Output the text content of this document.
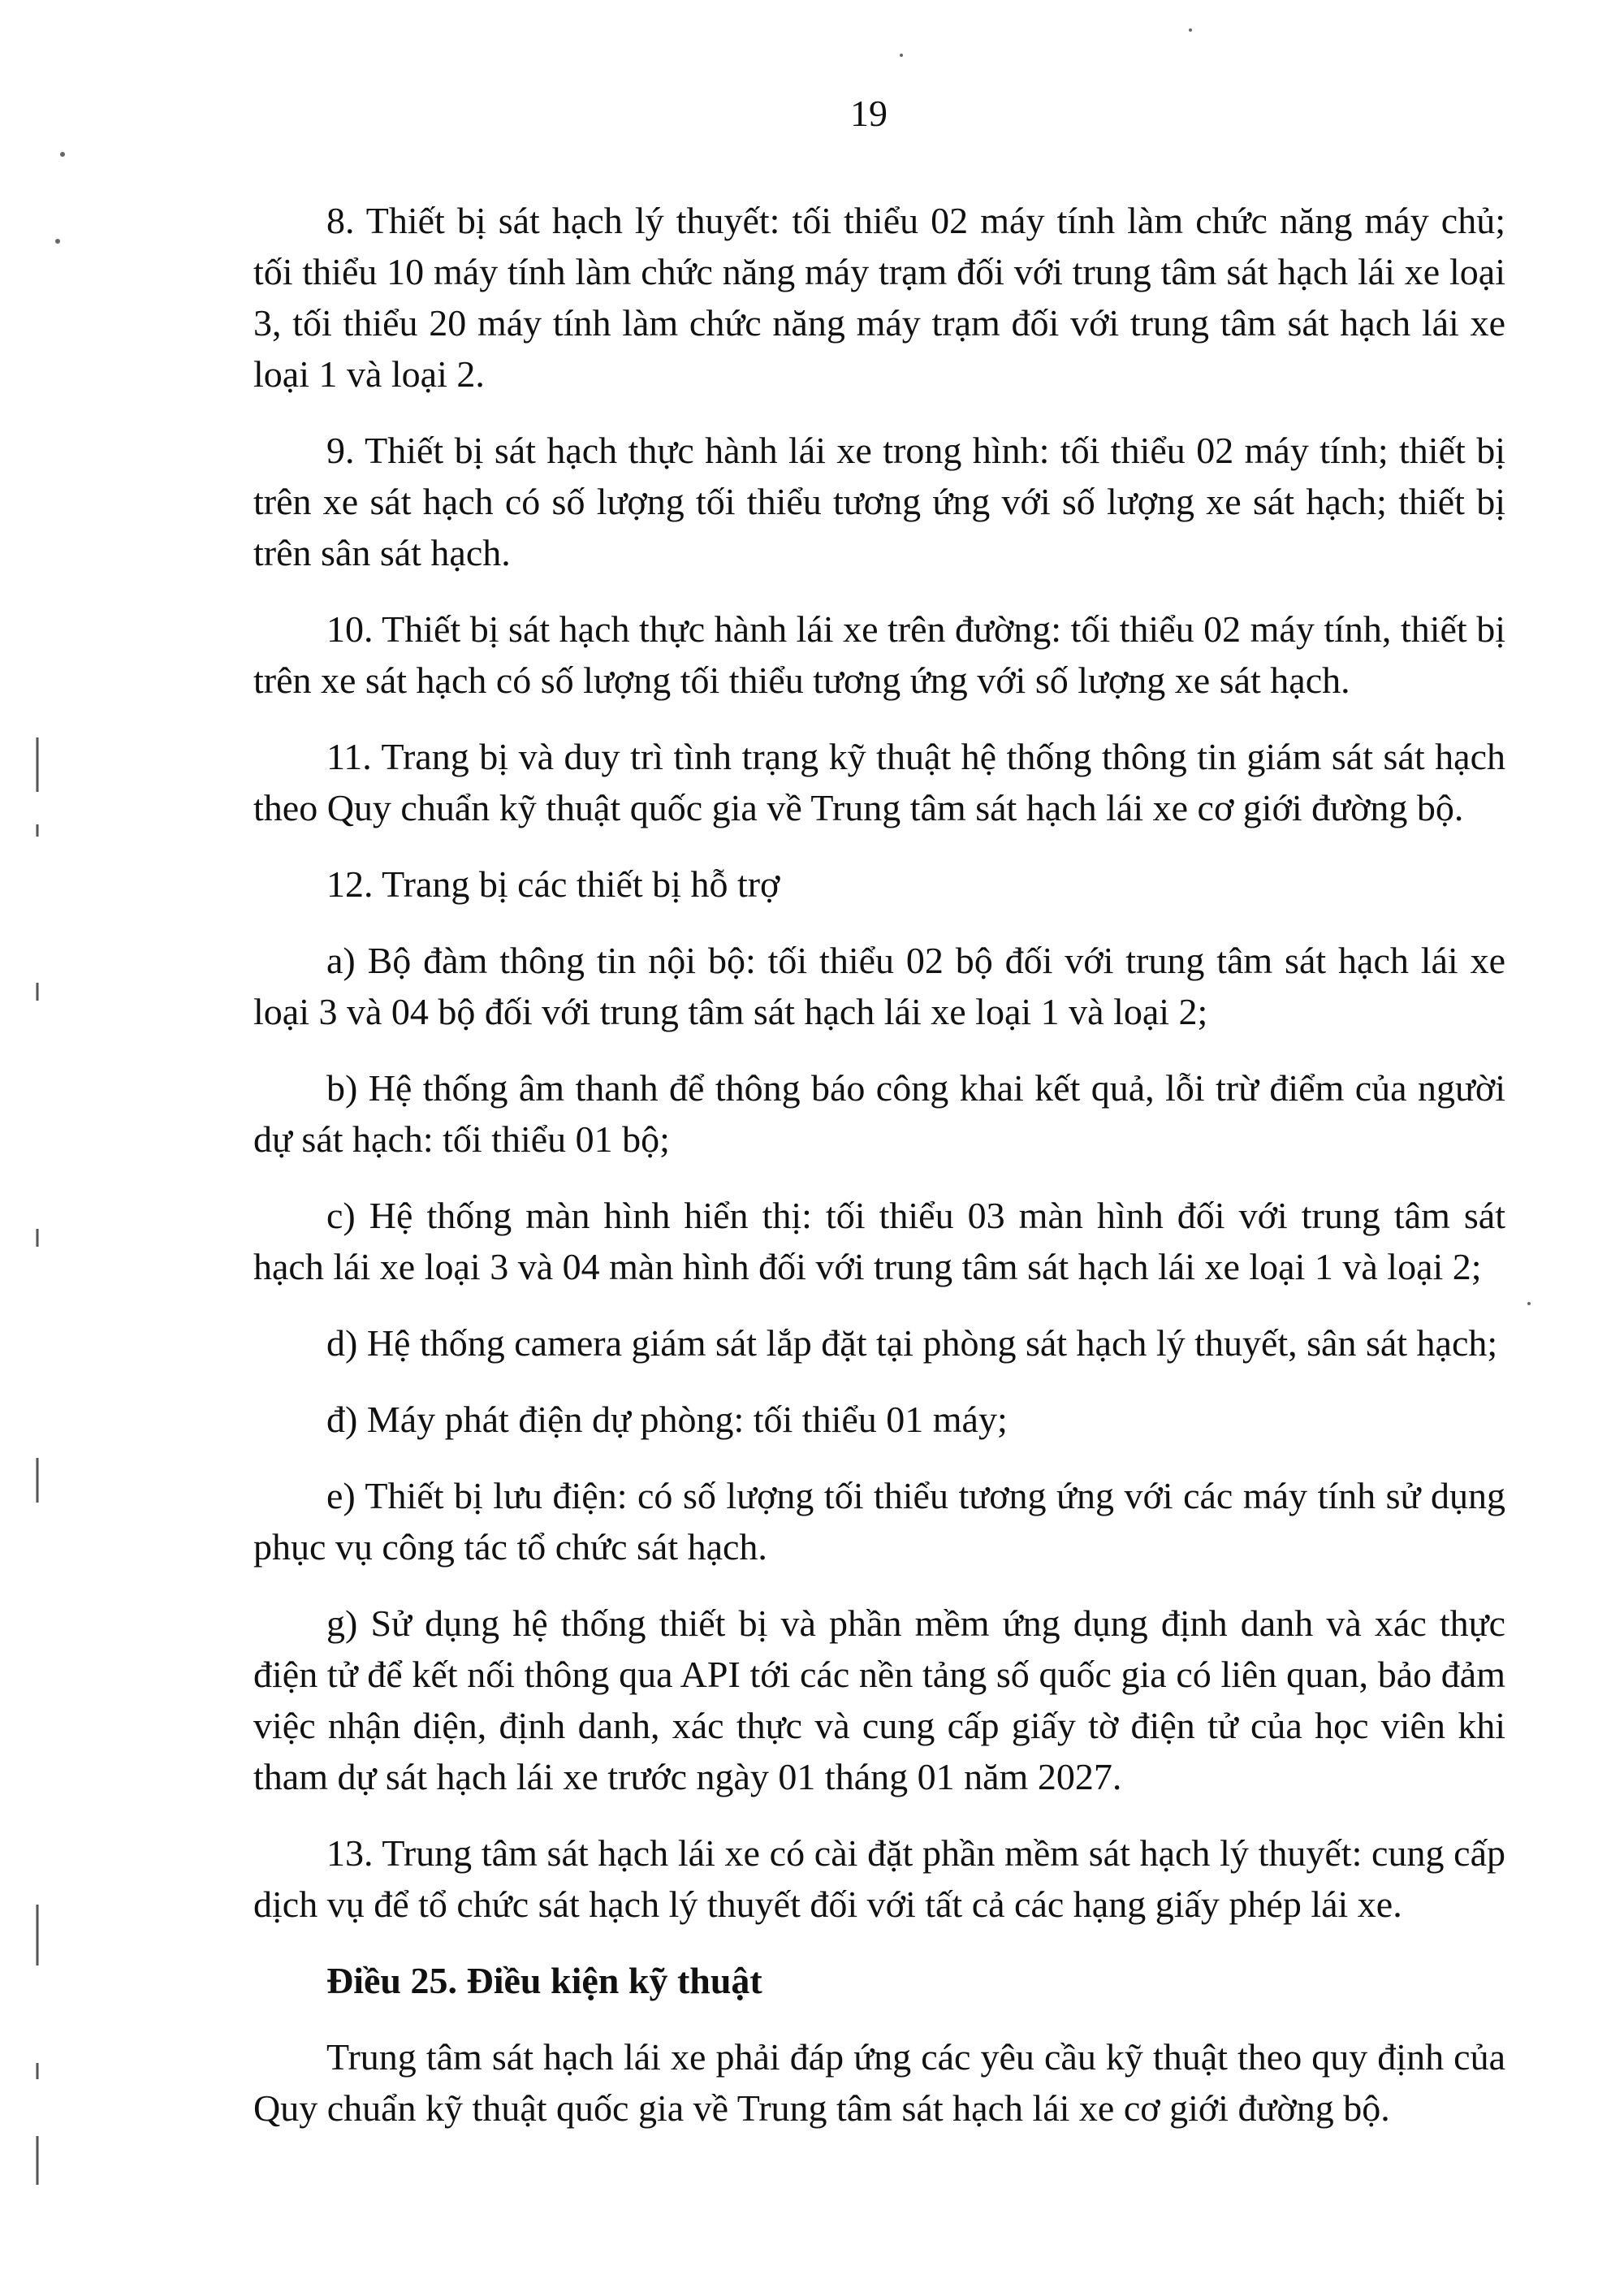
19

8. Thiết bị sát hạch lý thuyết: tối thiểu 02 máy tính làm chức năng máy chủ; tối thiểu 10 máy tính làm chức năng máy trạm đối với trung tâm sát hạch lái xe loại 3, tối thiểu 20 máy tính làm chức năng máy trạm đối với trung tâm sát hạch lái xe loại 1 và loại 2.

9. Thiết bị sát hạch thực hành lái xe trong hình: tối thiểu 02 máy tính; thiết bị trên xe sát hạch có số lượng tối thiểu tương ứng với số lượng xe sát hạch; thiết bị trên sân sát hạch.

10. Thiết bị sát hạch thực hành lái xe trên đường: tối thiểu 02 máy tính, thiết bị trên xe sát hạch có số lượng tối thiểu tương ứng với số lượng xe sát hạch.

11. Trang bị và duy trì tình trạng kỹ thuật hệ thống thông tin giám sát sát hạch theo Quy chuẩn kỹ thuật quốc gia về Trung tâm sát hạch lái xe cơ giới đường bộ.

12. Trang bị các thiết bị hỗ trợ

a) Bộ đàm thông tin nội bộ: tối thiểu 02 bộ đối với trung tâm sát hạch lái xe loại 3 và 04 bộ đối với trung tâm sát hạch lái xe loại 1 và loại 2;

b) Hệ thống âm thanh để thông báo công khai kết quả, lỗi trừ điểm của người dự sát hạch: tối thiểu 01 bộ;

c) Hệ thống màn hình hiển thị: tối thiểu 03 màn hình đối với trung tâm sát hạch lái xe loại 3 và 04 màn hình đối với trung tâm sát hạch lái xe loại 1 và loại 2;

d) Hệ thống camera giám sát lắp đặt tại phòng sát hạch lý thuyết, sân sát hạch;

đ) Máy phát điện dự phòng: tối thiểu 01 máy;

e) Thiết bị lưu điện: có số lượng tối thiểu tương ứng với các máy tính sử dụng phục vụ công tác tổ chức sát hạch.

g) Sử dụng hệ thống thiết bị và phần mềm ứng dụng định danh và xác thực điện tử để kết nối thông qua API tới các nền tảng số quốc gia có liên quan, bảo đảm việc nhận diện, định danh, xác thực và cung cấp giấy tờ điện tử của học viên khi tham dự sát hạch lái xe trước ngày 01 tháng 01 năm 2027.

13. Trung tâm sát hạch lái xe có cài đặt phần mềm sát hạch lý thuyết: cung cấp dịch vụ để tổ chức sát hạch lý thuyết đối với tất cả các hạng giấy phép lái xe.

Điều 25. Điều kiện kỹ thuật

Trung tâm sát hạch lái xe phải đáp ứng các yêu cầu kỹ thuật theo quy định của Quy chuẩn kỹ thuật quốc gia về Trung tâm sát hạch lái xe cơ giới đường bộ.
